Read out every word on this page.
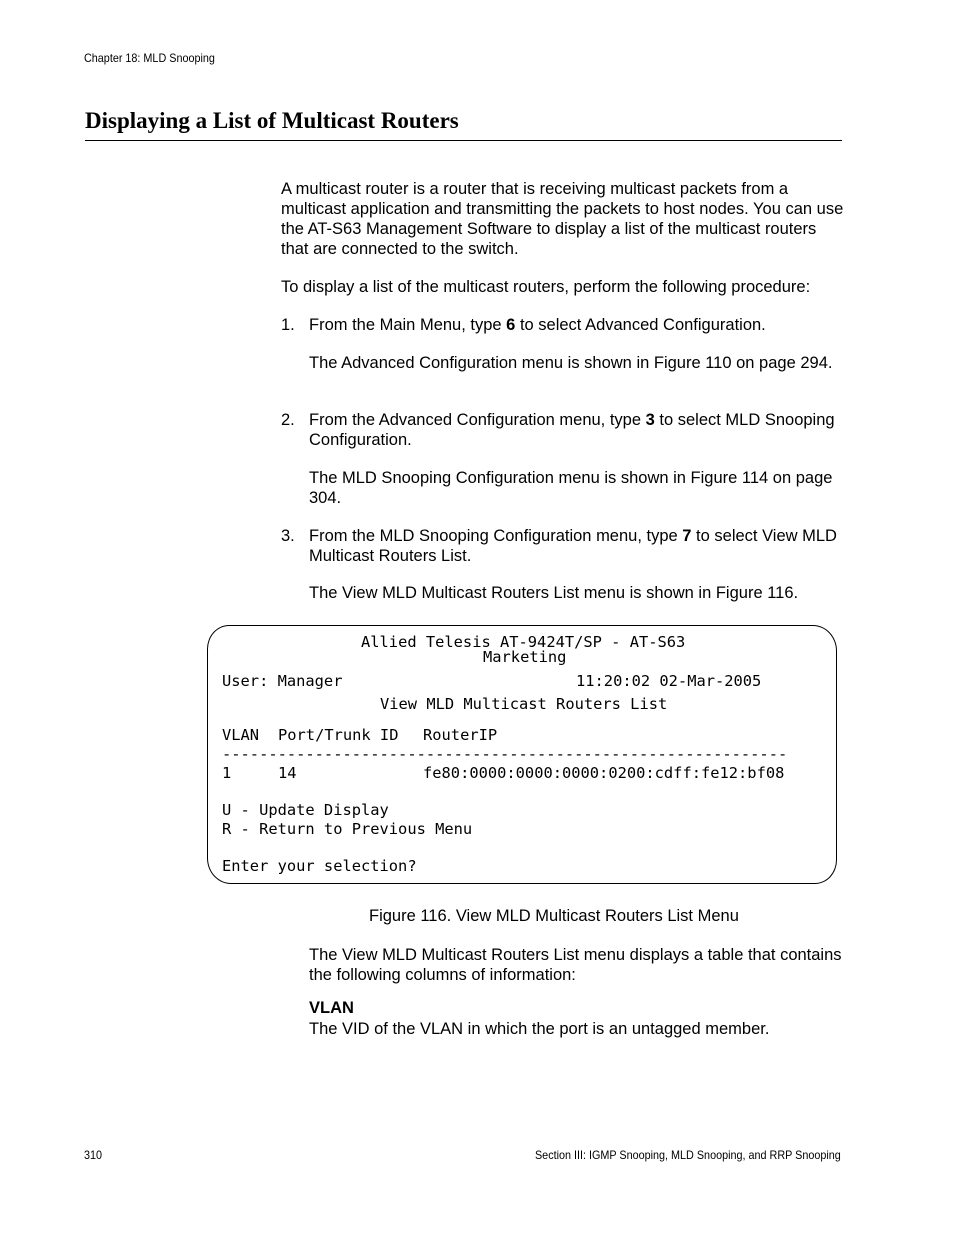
Chapter 18: MLD Snooping
Displaying a List of Multicast Routers

A multicast router is a router that is receiving multicast packets from a multicast application and transmitting the packets to host nodes. You can use the AT-S63 Management Software to display a list of the multicast routers that are connected to the switch.

To display a list of the multicast routers, perform the following procedure:

1. From the Main Menu, type 6 to select Advanced Configuration.

The Advanced Configuration menu is shown in Figure 110 on page 294.

2. From the Advanced Configuration menu, type 3 to select MLD Snooping Configuration.

The MLD Snooping Configuration menu is shown in Figure 114 on page 304.

3. From the MLD Snooping Configuration menu, type 7 to select View MLD Multicast Routers List.

The View MLD Multicast Routers List menu is shown in Figure 116.

Allied Telesis AT-9424T/SP - AT-S63
Marketing
User: Manager	11:20:02 02-Mar-2005
View MLD Multicast Routers List
VLAN Port/Trunk ID RouterIP
-------------------------------------------------------------
1	14	fe80:0000:0000:0000:0200:cdff:fe12:bf08
U - Update Display
R - Return to Previous Menu
Enter your selection?
Figure 116. View MLD Multicast Routers List Menu

The View MLD Multicast Routers List menu displays a table that contains the following columns of information:

VLAN

The VID of the VLAN in which the port is an untagged member.

310	Section III: IGMP Snooping, MLD Snooping, and RRP Snooping
